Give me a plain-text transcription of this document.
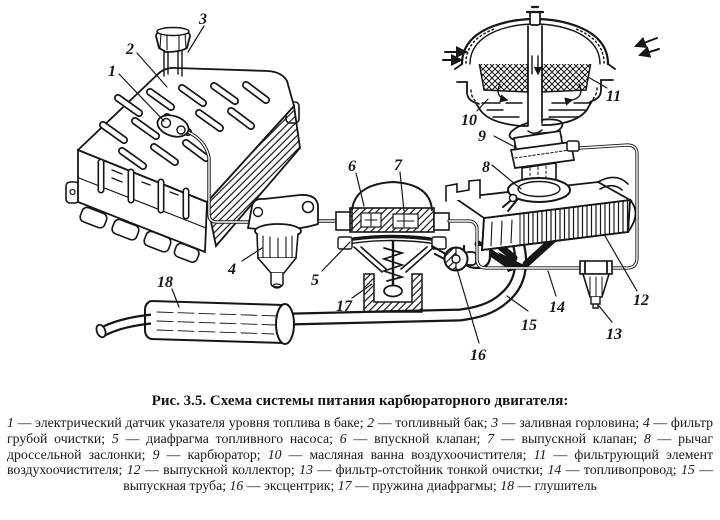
1
2
3
4
5
6 7	8
9
10
11
12
13
14
15
16
17
18
Рис. 3.5. Схема системы питания карбюраторного двигателя:

1 — электрический датчик указателя уровня топлива в баке; 2 — топливный бак; 3 — заливная горловина; 4 — фильтр грубой очистки; 5 — диафрагма топливного насоса; 6 — впускной клапан; 7 — выпускной клапан; 8 — рычаг дроссельной заслонки; 9 — карбюратор; 10 — масляная ванна воздухоочистителя; 11 — фильтрующий элемент воздухоочистителя; 12 — выпускной коллектор; 13 — фильтр-отстойник тонкой очистки; 14 — топливопровод; 15 — выпускная труба; 16 — эксцентрик; 17 — пружина диафрагмы; 18 — глушитель
